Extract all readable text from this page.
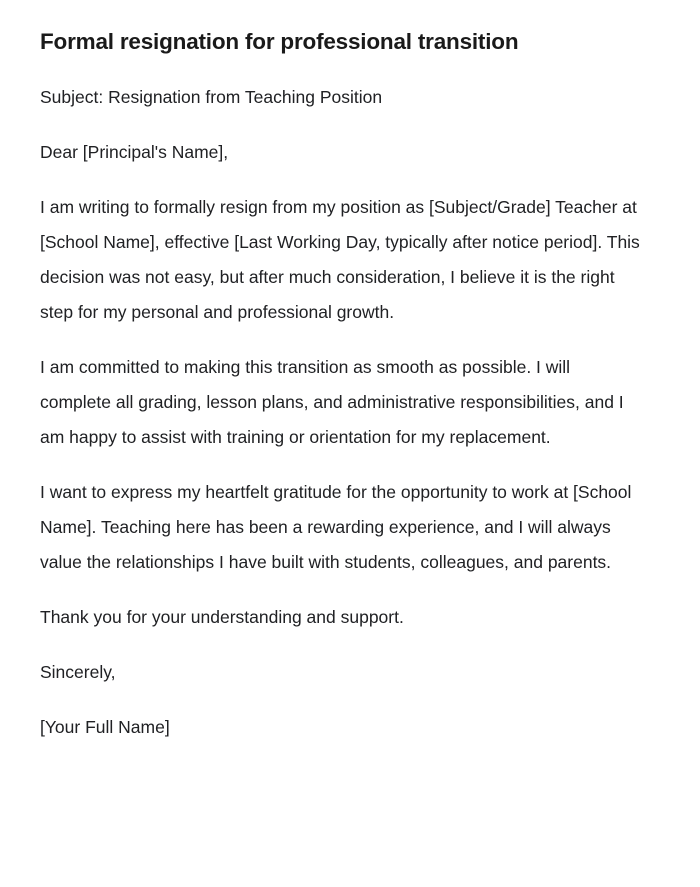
Formal resignation for professional transition

Subject: Resignation from Teaching Position

Dear [Principal's Name],

I am writing to formally resign from my position as [Subject/Grade] Teacher at [School Name], effective [Last Working Day, typically after notice period]. This decision was not easy, but after much consideration, I believe it is the right step for my personal and professional growth.

I am committed to making this transition as smooth as possible. I will complete all grading, lesson plans, and administrative responsibilities, and I am happy to assist with training or orientation for my replacement.

I want to express my heartfelt gratitude for the opportunity to work at [School Name]. Teaching here has been a rewarding experience, and I will always value the relationships I have built with students, colleagues, and parents.

Thank you for your understanding and support.

Sincerely,

[Your Full Name]
